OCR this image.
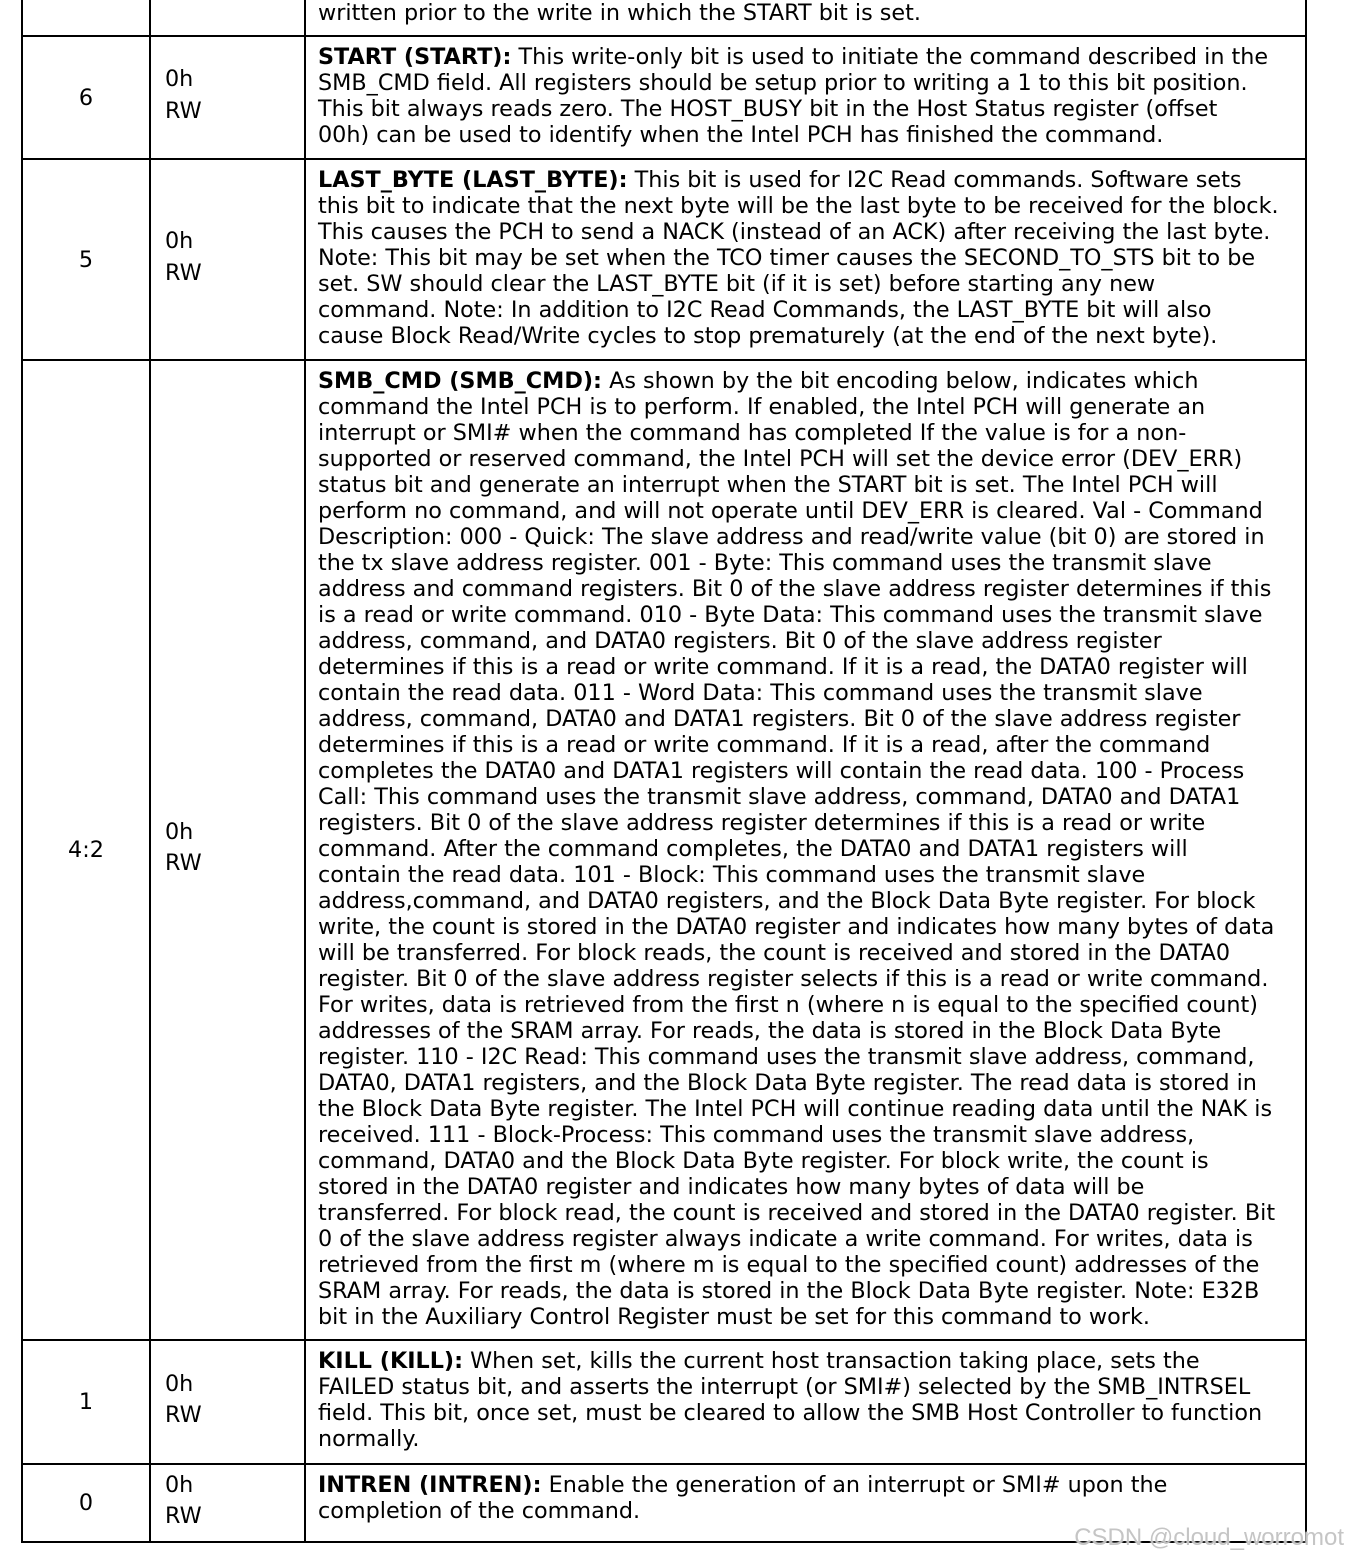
written prior to the write in which the START bit is set.
6
0h
RW
START (START): This write-only bit is used to initiate the command described in the
SMB_CMD field. All registers should be setup prior to writing a 1 to this bit position.
This bit always reads zero. The HOST_BUSY bit in the Host Status register (offset
00h) can be used to identify when the Intel PCH has finished the command.
5
0h
RW
LAST_BYTE (LAST_BYTE): This bit is used for I2C Read commands. Software sets
this bit to indicate that the next byte will be the last byte to be received for the block.
This causes the PCH to send a NACK (instead of an ACK) after receiving the last byte.
Note: This bit may be set when the TCO timer causes the SECOND_TO_STS bit to be
set. SW should clear the LAST_BYTE bit (if it is set) before starting any new
command. Note: In addition to I2C Read Commands, the LAST_BYTE bit will also
cause Block Read/Write cycles to stop prematurely (at the end of the next byte).
4:2
0h
RW
SMB_CMD (SMB_CMD): As shown by the bit encoding below, indicates which
command the Intel PCH is to perform. If enabled, the Intel PCH will generate an
interrupt or SMI# when the command has completed If the value is for a non-
supported or reserved command, the Intel PCH will set the device error (DEV_ERR)
status bit and generate an interrupt when the START bit is set. The Intel PCH will
perform no command, and will not operate until DEV_ERR is cleared. Val - Command
Description: 000 - Quick: The slave address and read/write value (bit 0) are stored in
the tx slave address register. 001 - Byte: This command uses the transmit slave
address and command registers. Bit 0 of the slave address register determines if this
is a read or write command. 010 - Byte Data: This command uses the transmit slave
address, command, and DATA0 registers. Bit 0 of the slave address register
determines if this is a read or write command. If it is a read, the DATA0 register will
contain the read data. 011 - Word Data: This command uses the transmit slave
address, command, DATA0 and DATA1 registers. Bit 0 of the slave address register
determines if this is a read or write command. If it is a read, after the command
completes the DATA0 and DATA1 registers will contain the read data. 100 - Process
Call: This command uses the transmit slave address, command, DATA0 and DATA1
registers. Bit 0 of the slave address register determines if this is a read or write
command. After the command completes, the DATA0 and DATA1 registers will
contain the read data. 101 - Block: This command uses the transmit slave
address,command, and DATA0 registers, and the Block Data Byte register. For block
write, the count is stored in the DATA0 register and indicates how many bytes of data
will be transferred. For block reads, the count is received and stored in the DATA0
register. Bit 0 of the slave address register selects if this is a read or write command.
For writes, data is retrieved from the first n (where n is equal to the specified count)
addresses of the SRAM array. For reads, the data is stored in the Block Data Byte
register. 110 - I2C Read: This command uses the transmit slave address, command,
DATA0, DATA1 registers, and the Block Data Byte register. The read data is stored in
the Block Data Byte register. The Intel PCH will continue reading data until the NAK is
received. 111 - Block-Process: This command uses the transmit slave address,
command, DATA0 and the Block Data Byte register. For block write, the count is
stored in the DATA0 register and indicates how many bytes of data will be
transferred. For block read, the count is received and stored in the DATA0 register. Bit
0 of the slave address register always indicate a write command. For writes, data is
retrieved from the first m (where m is equal to the specified count) addresses of the
SRAM array. For reads, the data is stored in the Block Data Byte register. Note: E32B
bit in the Auxiliary Control Register must be set for this command to work.
1
0h
RW
KILL (KILL): When set, kills the current host transaction taking place, sets the
FAILED status bit, and asserts the interrupt (or SMI#) selected by the SMB_INTRSEL
field. This bit, once set, must be cleared to allow the SMB Host Controller to function
normally.
0
0h
RW
INTREN (INTREN): Enable the generation of an interrupt or SMI# upon the
completion of the command.
CSDN @cloud_worromot
